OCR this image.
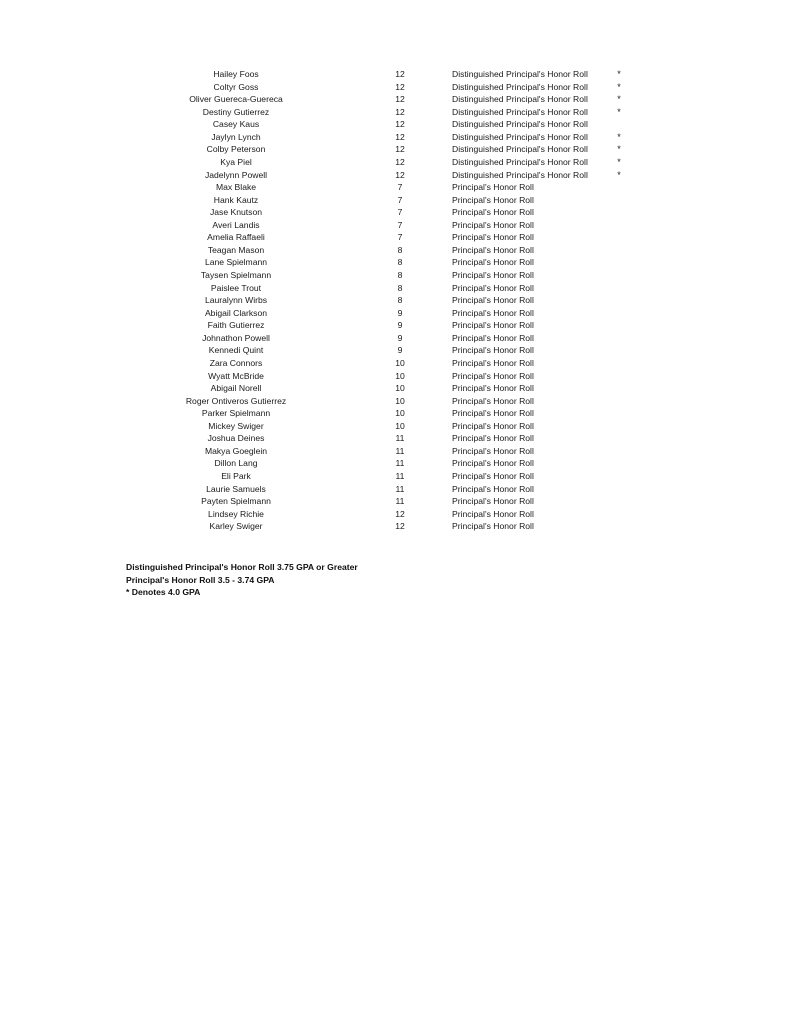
Hailey Foos	12	Distinguished Principal's Honor Roll	*
Coltyr Goss	12	Distinguished Principal's Honor Roll	*
Oliver Guereca-Guereca	12	Distinguished Principal's Honor Roll	*
Destiny Gutierrez	12	Distinguished Principal's Honor Roll	*
Casey Kaus	12	Distinguished Principal's Honor Roll
Jaylyn Lynch	12	Distinguished Principal's Honor Roll	*
Colby Peterson	12	Distinguished Principal's Honor Roll	*
Kya Piel	12	Distinguished Principal's Honor Roll	*
Jadelynn Powell	12	Distinguished Principal's Honor Roll	*
Max Blake	7	Principal's Honor Roll
Hank Kautz	7	Principal's Honor Roll
Jase Knutson	7	Principal's Honor Roll
Averi Landis	7	Principal's Honor Roll
Amelia Raffaeli	7	Principal's Honor Roll
Teagan Mason	8	Principal's Honor Roll
Lane Spielmann	8	Principal's Honor Roll
Taysen Spielmann	8	Principal's Honor Roll
Paislee Trout	8	Principal's Honor Roll
Lauralynn Wirbs	8	Principal's Honor Roll
Abigail Clarkson	9	Principal's Honor Roll
Faith Gutierrez	9	Principal's Honor Roll
Johnathon Powell	9	Principal's Honor Roll
Kennedi Quint	9	Principal's Honor Roll
Zara Connors	10	Principal's Honor Roll
Wyatt McBride	10	Principal's Honor Roll
Abigail Norell	10	Principal's Honor Roll
Roger Ontiveros Gutierrez	10	Principal's Honor Roll
Parker Spielmann	10	Principal's Honor Roll
Mickey Swiger	10	Principal's Honor Roll
Joshua Deines	11	Principal's Honor Roll
Makya Goeglein	11	Principal's Honor Roll
Dillon Lang	11	Principal's Honor Roll
Eli Park	11	Principal's Honor Roll
Laurie Samuels	11	Principal's Honor Roll
Payten Spielmann	11	Principal's Honor Roll
Lindsey Richie	12	Principal's Honor Roll
Karley Swiger	12	Principal's Honor Roll
Distinguished Principal's Honor Roll 3.75 GPA or Greater
Principal's Honor Roll 3.5 - 3.74 GPA
* Denotes 4.0 GPA
